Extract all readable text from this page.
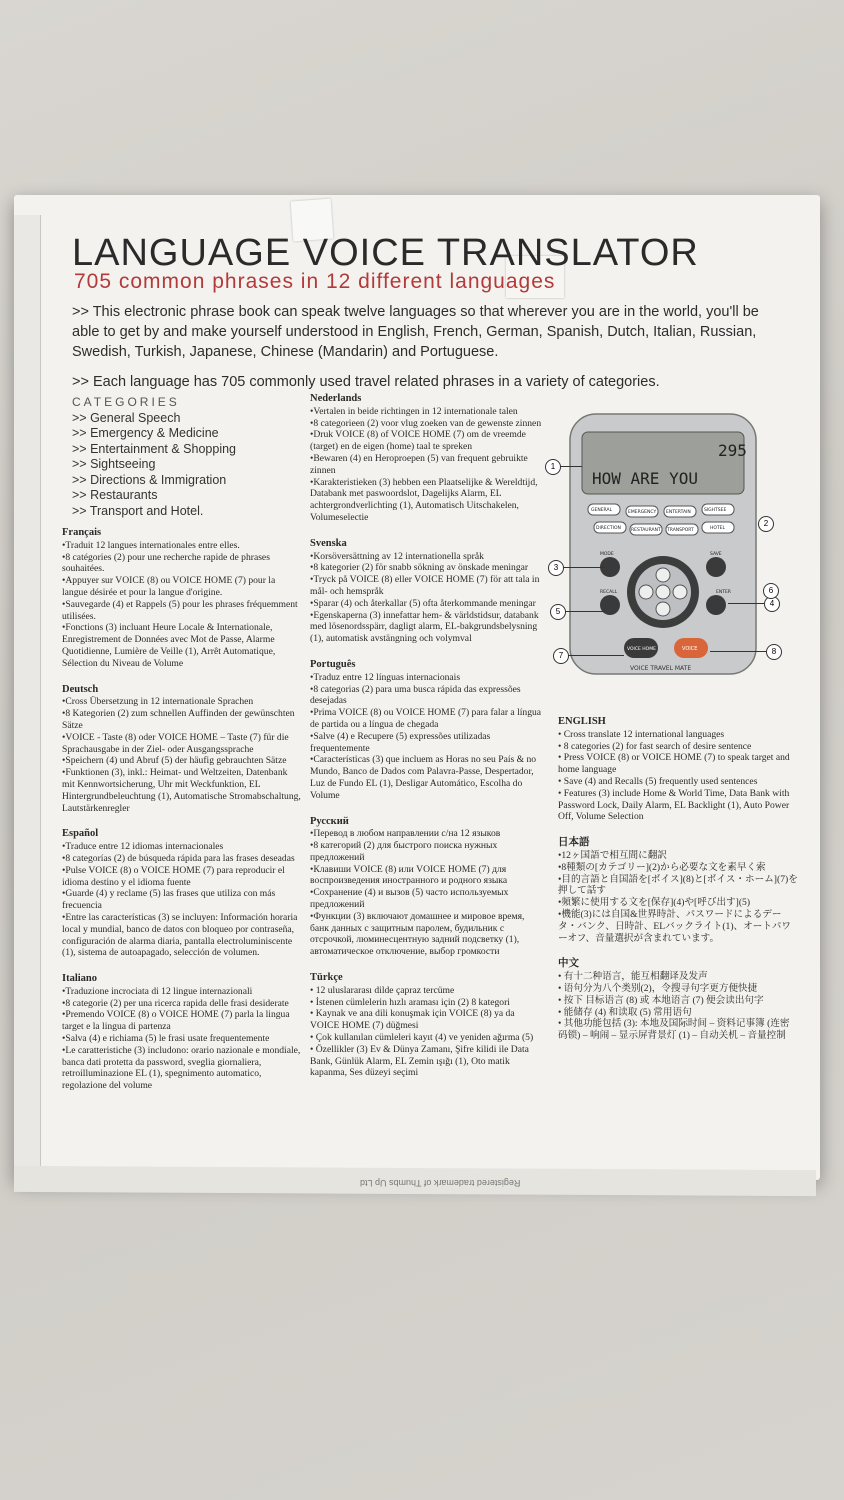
Registered trademark of Thumbs Up Ltd
LANGUAGE VOICE TRANSLATOR
705 common phrases in 12 different languages
>> This electronic phrase book can speak twelve languages so that wherever you are in the world, you'll be able to get by and make yourself understood in English, French, German, Spanish, Dutch, Italian, Russian, Swedish, Turkish, Japanese, Chinese (Mandarin) and Portuguese.
>> Each language has 705 commonly used travel related phrases in a variety of categories.
CATEGORIES
>> General Speech
>> Emergency & Medicine
>> Entertainment & Shopping
>> Sightseeing
>> Directions & Immigration
>> Restaurants
>> Transport and Hotel.
Français

•Traduit 12 langues internationales entre elles.

•8 catégories (2) pour une recherche rapide de phrases souhaitées.

•Appuyer sur VOICE (8) ou VOICE HOME (7) pour la langue désirée et pour la langue d'origine.

•Sauvegarde (4) et Rappels (5) pour les phrases fréquemment utilisées.

•Fonctions (3) incluant Heure Locale & Internationale, Enregistrement de Données avec Mot de Passe, Alarme Quotidienne, Lumière de Veille (1), Arrêt Automatique, Sélection du Niveau de Volume

Deutsch

•Cross Übersetzung in 12 internationale Sprachen

•8 Kategorien (2) zum schnellen Auffinden der gewünschten Sätze

•VOICE - Taste (8) oder VOICE HOME – Taste (7) für die Sprachausgabe in der Ziel- oder Ausgangssprache

•Speichern (4) und Abruf (5) der häufig gebrauchten Sätze

•Funktionen (3), inkl.: Heimat- und Weltzeiten, Datenbank mit Kennwortsicherung, Uhr mit Weckfunktion, EL Hintergrundbeleuchtung (1), Automatische Stromabschaltung, Lautstärkenregler

Español

•Traduce entre 12 idiomas internacionales

•8 categorías (2) de búsqueda rápida para las frases deseadas

•Pulse VOICE (8) o VOICE HOME (7) para reproducir el idioma destino y el idioma fuente

•Guarde (4) y reclame (5) las frases que utiliza con más frecuencia

•Entre las características (3) se incluyen: Información horaria local y mundial, banco de datos con bloqueo por contraseña, configuración de alarma diaria, pantalla electroluminiscente (1), sistema de autoapagado, selección de volumen.

Italiano

•Traduzione incrociata di 12 lingue internazionali

•8 categorie (2) per una ricerca rapida delle frasi desiderate

•Premendo VOICE (8) o VOICE HOME (7) parla la lingua target e la lingua di partenza

•Salva (4) e richiama (5) le frasi usate frequentemente

•Le caratteristiche (3) includono: orario nazionale e mondiale, banca dati protetta da password, sveglia giornaliera, retroilluminazione EL (1), spegnimento automatico, regolazione del volume

Nederlands

•Vertalen in beide richtingen in 12 internationale talen

•8 categorieen (2) voor vlug zoeken van de gewenste zinnen

•Druk VOICE (8) of VOICE HOME (7) om de vreemde (target) en de eigen (home) taal te spreken

•Bewaren (4) en Heroproepen (5) van frequent gebruikte zinnen

•Karakteristieken (3) hebben een Plaatselijke & Wereldtijd, Databank met paswoordslot, Dagelijks Alarm, EL achtergrondverlichting (1), Automatisch Uitschakelen, Volumeselectie

Svenska

•Korsöversättning av 12 internationella språk

•8 kategorier (2) för snabb sökning av önskade meningar

•Tryck på VOICE (8) eller VOICE HOME (7) för att tala in mål- och hemspråk

•Sparar (4) och återkallar (5) ofta återkommande meningar

•Egenskaperna (3) innefattar hem- & världstidsur, databank med lösenordsspärr, dagligt alarm, EL-bakgrundsbelysning (1), automatisk avstängning och volymval

Português

•Traduz entre 12 línguas internacionais

•8 categorias (2) para uma busca rápida das expressões desejadas

•Prima VOICE (8) ou VOICE HOME (7) para falar a língua de partida ou a língua de chegada

•Salve (4) e Recupere (5) expressões utilizadas frequentemente

•Características (3) que incluem as Horas no seu País & no Mundo, Banco de Dados com Palavra-Passe, Despertador, Luz de Fundo EL (1), Desligar Automático, Escolha do Volume

Русский

•Перевод в любом направлении с/на 12 языков

•8 категорий (2) для быстрого поиска нужных предложений

•Клавиши VOICE (8) или VOICE HOME (7) для воспроизведения иностранного и родного языка

•Сохранение (4) и вызов (5) часто используемых предложений

•Функции (3) включают домашнее и мировое время, банк данных с защитным паролем, будильник с отсрочкой, люминесцентную задний подсветку (1), автоматическое отключение, выбор громкости

Türkçe

• 12 uluslararası dilde çapraz tercüme

• İstenen cümlelerin hızlı araması için (2) 8 kategori

• Kaynak ve ana dili konuşmak için VOICE (8) ya da VOICE HOME (7) düğmesi

• Çok kullanılan cümleleri kayıt (4) ve yeniden ağırma (5)

• Özellikler (3) Ev & Dünya Zamanı, Şifre kilidi ile Data Bank, Günlük Alarm, EL Zemin ışığı (1), Oto matik kapanma, Ses düzeyi seçimi

ENGLISH

• Cross translate 12 international languages

• 8 categories (2) for fast search of desire sentence

• Press VOICE (8) or VOICE HOME (7) to speak target and home language

• Save (4) and Recalls (5) frequently used sentences

• Features (3) include Home & World Time, Data Bank with Password Lock, Daily Alarm, EL Backlight (1), Auto Power Off, Volume Selection

日本語

•12ヶ国語で相互間に翻訳

•8種類の[カテゴリー](2)から必要な文を素早く索

•目的言語と自国語を[ボイス](8)と[ボイス・ホーム](7)を押して話す

•頻繁に使用する文を[保存](4)や[呼び出す](5)

•機能(3)には自国&世界時計、パスワードによるデータ・バンク、日時計、ELバックライト(1)、オートパワーオフ、音量選択が含まれています。

中文

• 有十二种语言，能互相翻译及发声

• 语句分为八个类别(2)，令搜寻句字更方便快捷

• 按下 目标语言 (8) 或 本地语言 (7) 便会读出句字

• 能储存 (4) 和读取 (5) 常用语句

• 其他功能包括 (3): 本地及国际时间 – 资料记事簿 (连密码锁) – 响闹 – 显示屏背景灯 (1) – 自动关机 – 音量控制

295
HOW ARE YOU
GENERAL	EMERGENCY ENTERTAIN	SIGHTSEE
DIRECTION RESTAURANT TRANSPORT	HOTEL
MODE	SAVE
RECALL	ENTER
VOICE HOME	VOICE
VOICE TRAVEL MATE
1
2
3
4
5
6
7	8
